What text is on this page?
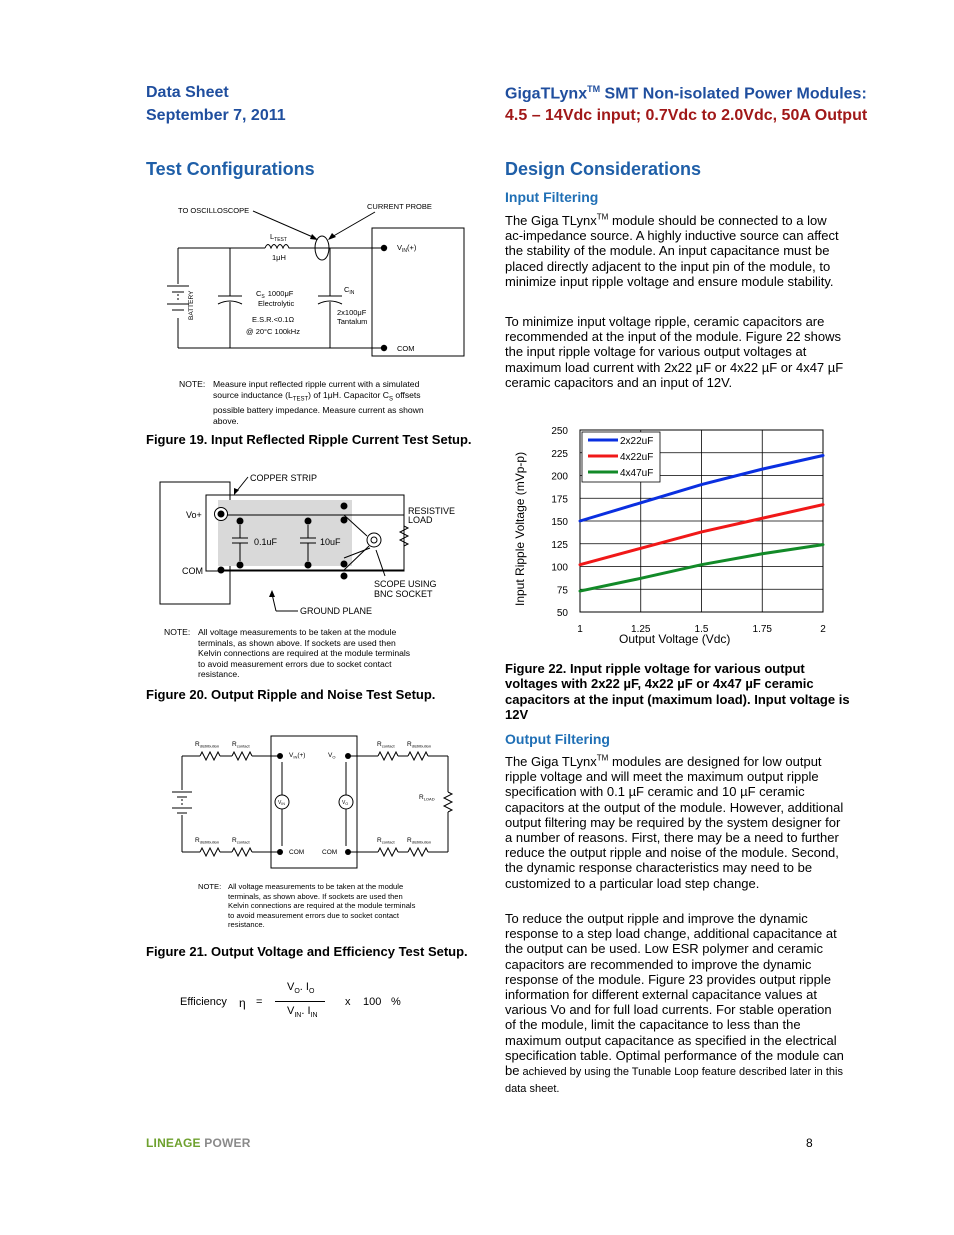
Data Sheet
September 7, 2011
GigaTLynx™ SMT Non-isolated Power Modules:
4.5 – 14Vdc input; 0.7Vdc to 2.0Vdc, 50A Output
Test Configurations
TO OSCILLOSCOPE	CURRENT PROBE
$L_{TEST}$
1μH
BATTERY	$C_S$ 1000μF
Electrolytic
E.S.R.<0.1Ω
@ 20°C 100kHz
$C_{IN}$
2x100μF
Tantalum
$V_{IN}(+)$
COM
NOTE: Measure input reflected ripple current with a simulated
source inductance $(L_{TEST})$ of 1μH. Capacitor $C_S$ offsets
possible battery impedance. Measure current as shown
above.
Figure 19. Input Reflected Ripple Current Test Setup.
COPPER STRIP
Vo+
COM
0.1uF	10uF
RESISTIVE
LOAD
SCOPE USING
BNC SOCKET
GROUND PLANE
NOTE: All voltage measurements to be taken at the module
terminals, as shown above. If sockets are used then
Kelvin connections are required at the module terminals
to avoid measurement errors due to socket contact
resistance.
Figure 20. Output Ripple and Noise Test Setup.
$R_{distribution}$ $R_{contact}$	$R_{contact}$ $R_{distribution}$
$R_{distribution}$ $R_{contact}$	$R_{contact}$ $R_{distribution}$
$R_{LOAD}$
$V_{IN}(+)$	$V_O$
$V_{IN}$	$V_O$
COM	COM
NOTE: All voltage measurements to be taken at the module
terminals, as shown above. If sockets are used then
Kelvin connections are required at the module terminals
to avoid measurement errors due to socket contact
resistance.
Figure 21. Output Voltage and Efficiency Test Setup.
Efficiency η =
$V_O$. $I_O$
$V_{IN}$. $I_{IN}$
x 100 %
Design Considerations
Input Filtering
The Giga TLynx™ module should be connected to a low ac-impedance source. A highly inductive source can affect the stability of the module. An input capacitance must be placed directly adjacent to the input pin of the module, to minimize input ripple voltage and ensure module stability.
To minimize input voltage ripple, ceramic capacitors are recommended at the input of the module. Figure 22 shows the input ripple voltage for various output voltages at maximum load current with 2x22 µF or 4x22 µF or 4x47 µF ceramic capacitors and an input of 12V.
250
225
200
175
150
125
100
75
50
1	1.25	1.5	1.75	2
2x22uF
4x22uF
4x47uF
Input Ripple Voltage (mVp-p)
Output Voltage (Vdc)
Figure 22. Input ripple voltage for various output voltages with 2x22 µF, 4x22 µF or 4x47 µF ceramic capacitors at the input (maximum load). Input voltage is 12V
Output Filtering
The Giga TLynx™ modules are designed for low output ripple voltage and will meet the maximum output ripple specification with 0.1 µF ceramic and 10 µF ceramic capacitors at the output of the module. However, additional output filtering may be required by the system designer for a number of reasons. First, there may be a need to further reduce the output ripple and noise of the module. Second, the dynamic response characteristics may need to be customized to a particular load step change.
To reduce the output ripple and improve the dynamic response to a step load change, additional capacitance at the output can be used. Low ESR polymer and ceramic capacitors are recommended to improve the dynamic response of the module. Figure 23 provides output ripple information for different external capacitance values at various Vo and for full load currents. For stable operation of the module, limit the capacitance to less than the maximum output capacitance as specified in the electrical specification table. Optimal performance of the module can be achieved by using the Tunable Loop feature described later in this data sheet.
LINEAGE POWER	8
